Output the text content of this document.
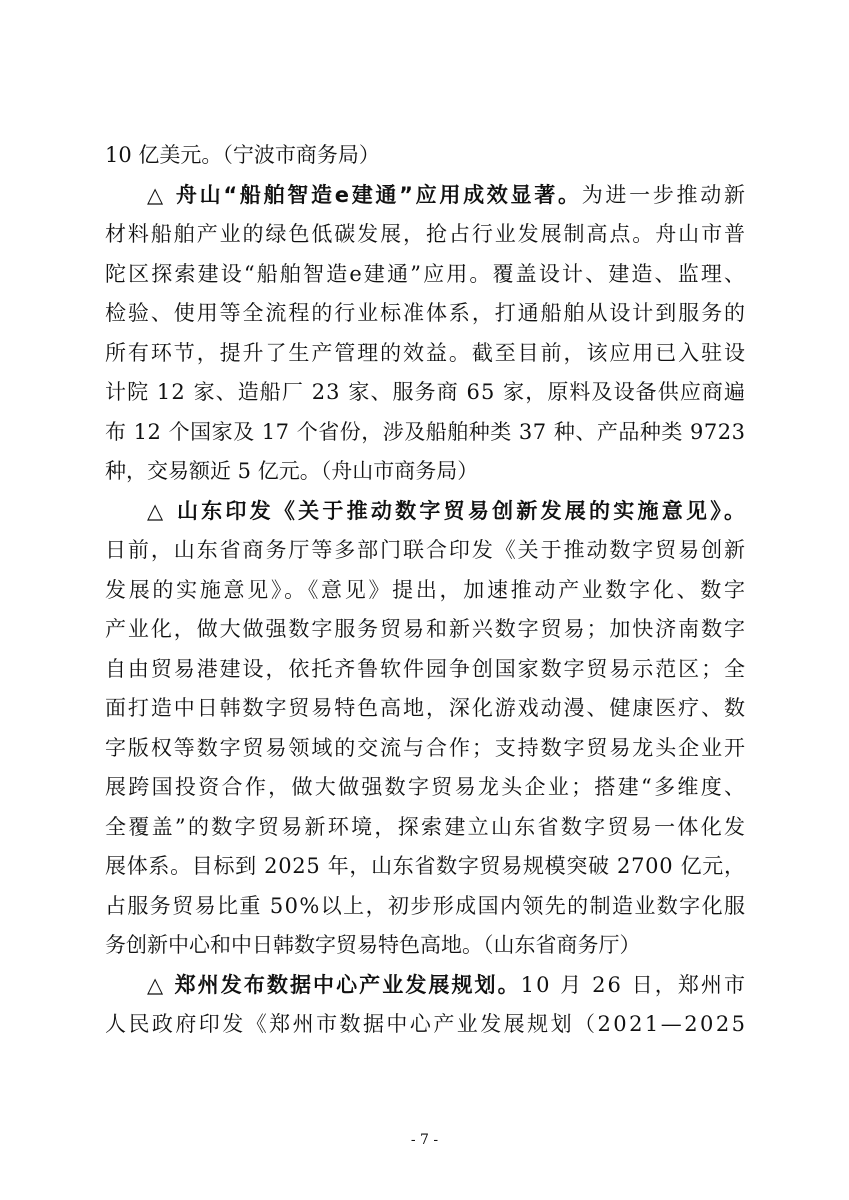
10 亿美元。（宁波市商务局）
△ 舟山“船舶智造e建通”应用成效显著。 为进一步推动新
材料船舶产业的绿色低碳发展，抢占行业发展制高点。舟山市普
陀区探索建设“船舶智造e建通”应用。覆盖设计、建造、监理、
检验、使用等全流程的行业标准体系，打通船舶从设计到服务的
所有环节，提升了生产管理的效益。截至目前，该应用已入驻设
计院 12 家、造船厂 23 家、服务商 65 家，原料及设备供应商遍
布 12 个国家及 17 个省份，涉及船舶种类 37 种、产品种类 9723
种，交易额近 5 亿元。（舟山市商务局）
△ 山东印发《关于推动数字贸易创新发展的实施意见》。
日前，山东省商务厅等多部门联合印发《关于推动数字贸易创新
发展的实施意见》。《意见》提出，加速推动产业数字化、数字
产业化，做大做强数字服务贸易和新兴数字贸易；加快济南数字
自由贸易港建设，依托齐鲁软件园争创国家数字贸易示范区；全
面打造中日韩数字贸易特色高地，深化游戏动漫、健康医疗、数
字版权等数字贸易领域的交流与合作；支持数字贸易龙头企业开
展跨国投资合作，做大做强数字贸易龙头企业；搭建“多维度、
全覆盖”的数字贸易新环境，探索建立山东省数字贸易一体化发
展体系。目标到 2025 年，山东省数字贸易规模突破 2700 亿元，
占服务贸易比重 50%以上，初步形成国内领先的制造业数字化服
务创新中心和中日韩数字贸易特色高地。（山东省商务厅）
△ 郑州发布数据中心产业发展规划。 10 月 26 日，郑州市
人民政府印发《郑州市数据中心产业发展规划（2021—2025
- 7 -
